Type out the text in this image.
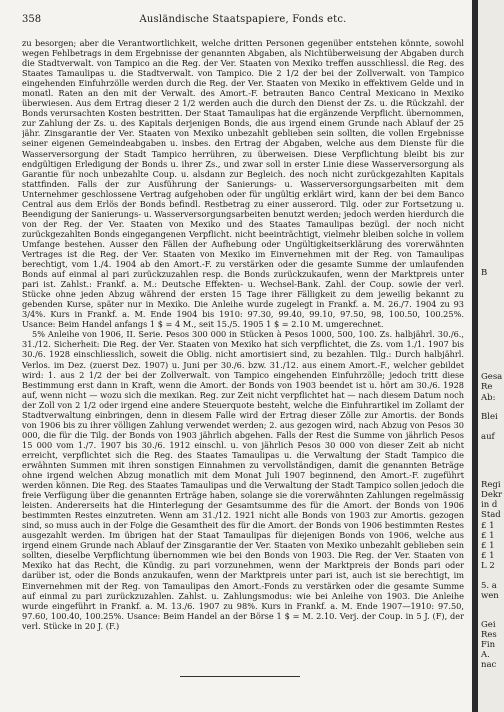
358	Ausländische Staatspapiere, Fonds etc.

zu besorgen; aber die Verantwortlichkeit, welche dritten Personen gegenüber entstehen könnte, sowohl wegen Fehlbetrags in dem Ergebnisse der genannten Abgaben, als Nichtüberweisung der Abgaben durch die Stadtverwalt. von Tampico an die Reg. der Ver. Staaten von Mexiko treffen ausschliessl. die Reg. des Staates Tamaulipas u. die Stadtverwalt. von Tampico. Die 2 1/2 der bei der Zollverwalt. von Tampico eingehenden Einfuhrzölle werden durch die Reg. der Ver. Staaten von Mexiko in effektivem Gelde und in monatl. Raten an den mit der Verwalt. des Amort.-F. betrauten Banco Central Mexicano in Mexiko überwiesen. Aus dem Ertrag dieser 2 1/2 werden auch die durch den Dienst der Zs. u. die Rückzahl. der Bonds verursachten Kosten bestritten. Der Staat Tamaulipas hat die ergänzende Verpflicht. übernommen, zur Zahlung der Zs. u. des Kapitals derjenigen Bonds, die aus irgend einem Grunde nach Ablauf der 25 jähr. Zinsgarantie der Ver. Staaten von Mexiko unbezahlt geblieben sein sollten, die vollen Ergebnisse seiner eigenen Gemeindeabgaben u. insbes. den Ertrag der Abgaben, welche aus dem Dienste für die Wasserversorgung der Stadt Tampico herrühren, zu überweisen. Diese Verpflichtung bleibt bis zur endgültigen Erledigung der Bonds u. ihrer Zs., und zwar soll in erster Linie diese Wasserversorgung als Garantie für noch unbezahlte Coup. u. alsdann zur Begleich. des noch nicht zurückgezahlten Kapitals stattfinden. Falls der zur Ausführung der Sanierungs- u. Wasserversorgungsarbeiten mit dem Unternehmer geschlossene Vertrag aufgehoben oder für ungültig erklärt wird, kann der bei dem Banco Central aus dem Erlös der Bonds befindl. Restbetrag zu einer ausserord. Tilg. oder zur Fortsetzung u. Beendigung der Sanierungs- u. Wasserversorgungsarbeiten benutzt werden; jedoch werden hierdurch die von der Reg. der Ver. Staaten von Mexiko und des Staates Tamaulipas bezügl. der noch nicht zurückgezahlten Bonds eingegangenen Verpflicht. nicht beeinträchtigt, vielmehr bleiben solche in vollem Umfange bestehen. Ausser den Fällen der Aufhebung oder Ungültigkeitserklärung des vorerwähnten Vertrages ist die Reg. der Ver. Staaten von Mexiko im Einvernehmen mit der Reg. von Tamaulipas berechtigt, vom 1./4. 1904 ab den Amort.-F. zu verstärken oder die gesamte Summe der umlaufenden Bonds auf einmal al pari zurückzuzahlen resp. die Bonds zurückzukaufen, wenn der Marktpreis unter pari ist. Zahlst.: Frankf. a. M.: Deutsche Effekten- u. Wechsel-Bank. Zahl. der Coup. sowie der verl. Stücke ohne jeden Abzug während der ersten 15 Tage ihrer Fälligkeit zu dem jeweilig bekannt zu gebenden Kurse, später nur in Mexiko. Die Anleihe wurde zugelegt in Frankf. a. M. 26./7. 1904 zu 93 3/4%. Kurs in Frankf. a. M. Ende 1904 bis 1910: 97.30, 99.40, 99.10, 97.50, 98, 100.50, 100.25%. Usance: Beim Handel anfangs 1 $ = 4 M., seit 15./5. 1905 1 $ = 2.10 M. umgerechnet.

5% Anleihe von 1906, II. Serie. Pesos 300 000 in Stücken à Pesos 1000, 500, 100. Zs. halbjährl. 30./6., 31./12. Sicherheit: Die Reg. der Ver. Staaten von Mexiko hat sich verpflichtet, die Zs. vom 1./1. 1907 bis 30./6. 1928 einschliesslich, soweit die Oblig. nicht amortisiert sind, zu bezahlen. Tilg.: Durch halbjährl. Verlos. im Dez. (zuerst Dez. 1907) u. Juni per 30./6. bzw. 31./12. aus einem Amort.-F., welcher gebildet wird: 1. aus 2 1/2 der bei der Zollverwalt. von Tampico eingehenden Einfuhrzölle; jedoch tritt diese Bestimmung erst dann in Kraft, wenn die Amort. der Bonds von 1903 beendet ist u. hört am 30./6. 1928 auf, wenn nicht — wozu sich die mexikan. Reg. zur Zeit nicht verpflichtet hat — nach diesem Datum noch der Zoll von 2 1/2 oder irgend eine andere Steuerquote besteht, welche die Einfuhrartikel im Zollamt der Stadtverwaltung einbringen, denn in diesem Falle wird der Ertrag dieser Zölle zur Amortis. der Bonds von 1906 bis zu ihrer völligen Zahlung verwendet werden; 2. aus gezogen wird, nach Abzug von Pesos 30 000, die für die Tilg. der Bonds von 1903 jährlich abgehen. Falls der Rest die Summe von jährlich Pesos 15 000 vom 1./7. 1907 bis 30./6. 1912 einschl. u. von jährlich Pesos 30 000 von dieser Zeit ab nicht erreicht, verpflichtet sich die Reg. des Staates Tamaulipas u. die Verwaltung der Stadt Tampico die erwähnten Summen mit ihren sonstigen Einnahmen zu vervollständigen, damit die genannten Beträge ohne irgend welchen Abzug monatlich mit dem Monat Juli 1907 beginnend, den Amort.-F. zugeführt werden können. Die Reg. des Staates Tamaulipas und die Verwaltung der Stadt Tampico sollen jedoch die freie Verfügung über die genannten Erträge haben, solange sie die vorerwähnten Zahlungen regelmässig leisten. Andererseits hat die Hinterlegung der Gesamtsumme des für die Amort. der Bonds von 1906 bestimmten Restes einzutreten. Wenn am 31./12. 1921 nicht alle Bonds von 1903 zur Amortis. gezogen sind, so muss auch in der Folge die Gesamtheit des für die Amort. der Bonds von 1906 bestimmten Restes ausgezahlt werden. Im übrigen hat der Staat Tamaulipas für diejenigen Bonds von 1906, welche aus irgend einem Grunde nach Ablauf der Zinsgarantie der Ver. Staaten von Mexiko unbezahlt geblieben sein sollten, dieselbe Verpflichtung übernommen wie bei den Bonds von 1903. Die Reg. der Ver. Staaten von Mexiko hat das Recht, die Kündig. zu pari vorzunehmen, wenn der Marktpreis der Bonds pari oder darüber ist, oder die Bonds anzukaufen, wenn der Marktpreis unter pari ist, auch ist sie berechtigt, im Einvernehmen mit der Reg. von Tamaulipas den Amort.-Fonds zu verstärken oder die gesamte Summe auf einmal zu pari zurückzuzahlen. Zahlst. u. Zahlungsmodus: wie bei Anleihe von 1903. Die Anleihe wurde eingeführt in Frankf. a. M. 13./6. 1907 zu 98%. Kurs in Frankf. a. M. Ende 1907—1910: 97.50, 97.60, 100.40, 100.25%. Usance: Beim Handel an der Börse 1 $ = M. 2.10. Verj. der Coup. in 5 J. (F), der verl. Stücke in 20 J. (F.)

B
Gesa
Re
Ab:
Blei
auf
Regi
Dekr
in d
Stad
£ 1
£ 1
£ 1
£ 1
L 2
5. a
wen
Gei
Res
Fin
A.
nac
